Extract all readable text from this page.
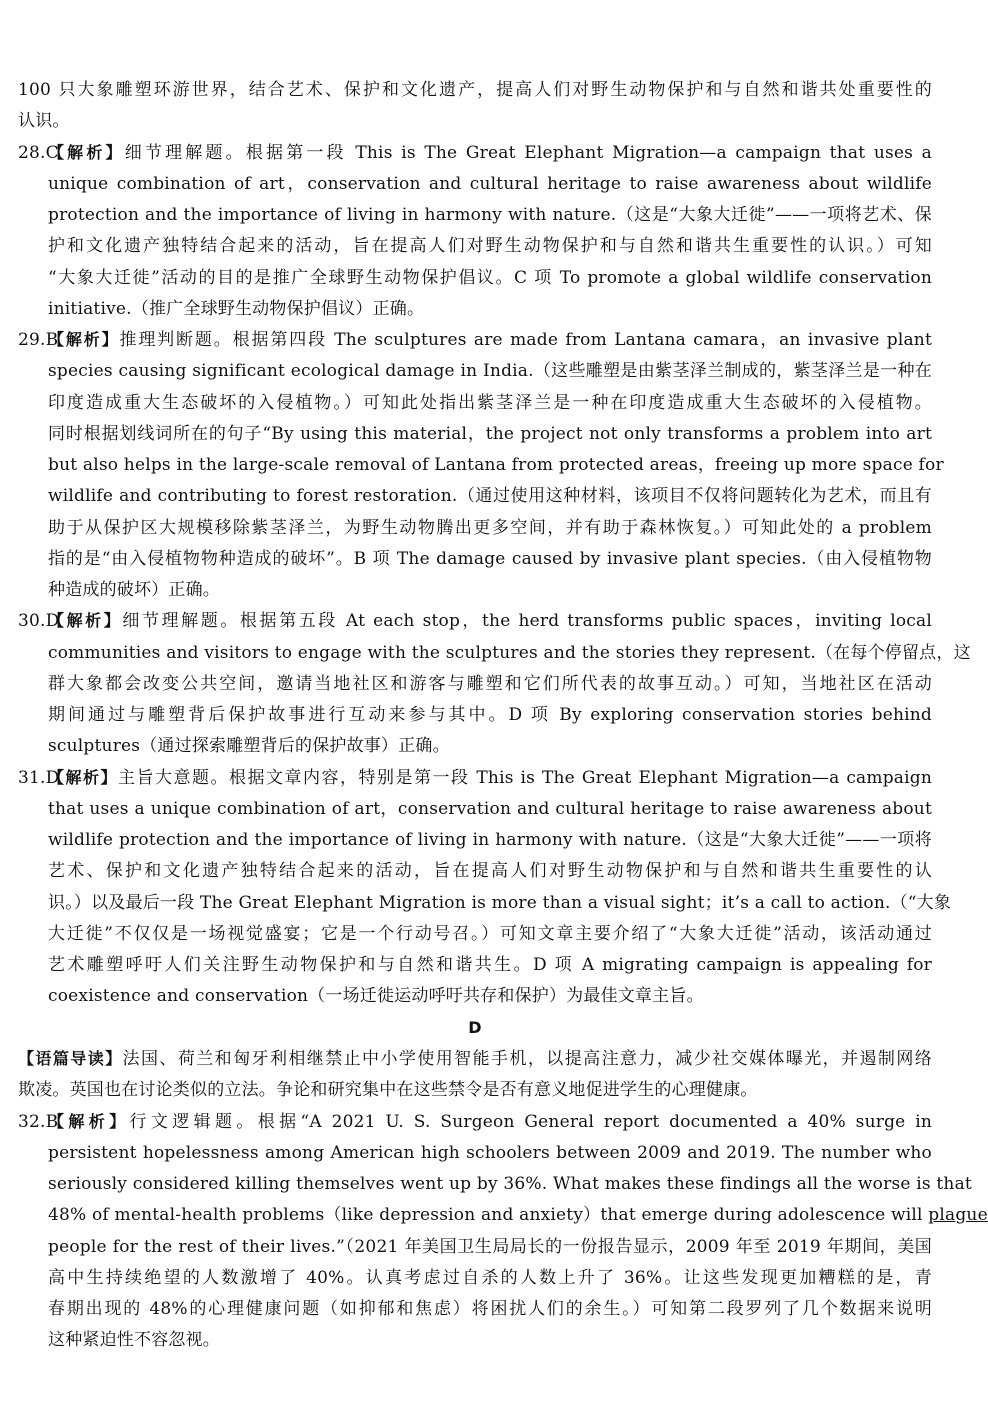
100 只大象雕塑环游世界，结合艺术、保护和文化遗产，提高人们对野生动物保护和与自然和谐共处重要性的
认识。
28.C
【解析】细节理解题。根据第一段 This is The Great Elephant Migration—a campaign that uses a
unique combination of art，conservation and cultural heritage to raise awareness about wildlife
protection and the importance of living in harmony with nature.（这是“大象大迁徙”——一项将艺术、保
护和文化遗产独特结合起来的活动，旨在提高人们对野生动物保护和与自然和谐共生重要性的认识。）可知
“大象大迁徙”活动的目的是推广全球野生动物保护倡议。C 项 To promote a global wildlife conservation
initiative.（推广全球野生动物保护倡议）正确。
29.B
【解析】推理判断题。根据第四段 The sculptures are made from Lantana camara，an invasive plant
species causing significant ecological damage in India.（这些雕塑是由紫茎泽兰制成的，紫茎泽兰是一种在
印度造成重大生态破坏的入侵植物。）可知此处指出紫茎泽兰是一种在印度造成重大生态破坏的入侵植物。
同时根据划线词所在的句子“By using this material，the project not only transforms a problem into art
but also helps in the large-scale removal of Lantana from protected areas，freeing up more space for
wildlife and contributing to forest restoration.（通过使用这种材料，该项目不仅将问题转化为艺术，而且有
助于从保护区大规模移除紫茎泽兰，为野生动物腾出更多空间，并有助于森林恢复。）可知此处的 a problem
指的是“由入侵植物物种造成的破坏”。B 项 The damage caused by invasive plant species.（由入侵植物物
种造成的破坏）正确。
30.D
【解析】细节理解题。根据第五段 At each stop，the herd transforms public spaces，inviting local
communities and visitors to engage with the sculptures and the stories they represent.（在每个停留点，这
群大象都会改变公共空间，邀请当地社区和游客与雕塑和它们所代表的故事互动。）可知，当地社区在活动
期间通过与雕塑背后保护故事进行互动来参与其中。D 项 By exploring conservation stories behind
sculptures（通过探索雕塑背后的保护故事）正确。
31.D
【解析】主旨大意题。根据文章内容，特别是第一段 This is The Great Elephant Migration—a campaign
that uses a unique combination of art，conservation and cultural heritage to raise awareness about
wildlife protection and the importance of living in harmony with nature.（这是“大象大迁徙”——一项将
艺术、保护和文化遗产独特结合起来的活动，旨在提高人们对野生动物保护和与自然和谐共生重要性的认
识。）以及最后一段 The Great Elephant Migration is more than a visual sight；it’s a call to action.（“大象
大迁徙”不仅仅是一场视觉盛宴；它是一个行动号召。）可知文章主要介绍了“大象大迁徙”活动，该活动通过
艺术雕塑呼吁人们关注野生动物保护和与自然和谐共生。D 项 A migrating campaign is appealing for
coexistence and conservation（一场迁徙运动呼吁共存和保护）为最佳文章主旨。
D
【语篇导读】法国、荷兰和匈牙利相继禁止中小学使用智能手机，以提高注意力，减少社交媒体曝光，并遏制网络
欺凌。英国也在讨论类似的立法。争论和研究集中在这些禁令是否有意义地促进学生的心理健康。
32.B
【解析】行文逻辑题。根据“A 2021 U. S. Surgeon General report documented a 40% surge in
persistent hopelessness among American high schoolers between 2009 and 2019. The number who
seriously considered killing themselves went up by 36%. What makes these findings all the worse is that
48% of mental-health problems（like depression and anxiety）that emerge during adolescence will plague
people for the rest of their lives.”（2021 年美国卫生局局长的一份报告显示，2009 年至 2019 年期间，美国
高中生持续绝望的人数激增了 40%。认真考虑过自杀的人数上升了 36%。让这些发现更加糟糕的是，青
春期出现的 48%的心理健康问题（如抑郁和焦虑）将困扰人们的余生。）可知第二段罗列了几个数据来说明
这种紧迫性不容忽视。
